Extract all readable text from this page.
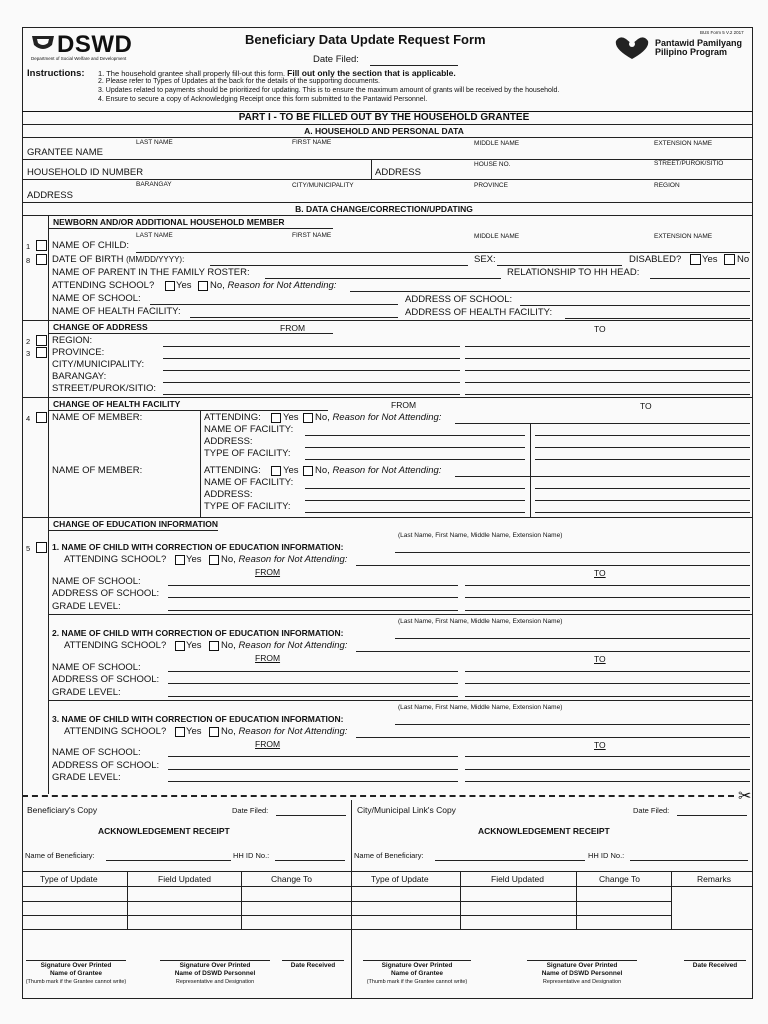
DSWD
Department of Social Welfare and Development
Beneficiary Data Update Request Form
Date Filed:
BUS Form 5 V.2 2017
Pantawid Pamilyang
Pilipino Program
Instructions: 1. The household grantee shall properly fill-out this form. Fill out only the section that is applicable.
2. Please refer to Types of Updates at the back for the details of the supporting documents.
3. Updates related to payments should be prioritized for updating. This is to ensure the maximum amount of grants will be received by the household.
4. Ensure to secure a copy of Acknowledging Receipt once this form submitted to the Pantawid Personnel.
PART I - TO BE FILLED OUT BY THE HOUSEHOLD GRANTEE
A. HOUSEHOLD AND PERSONAL DATA
LAST NAME	FIRST NAME	MIDDLE NAME	EXTENSION NAME
GRANTEE NAME
HOUSEHOLD ID NUMBER	ADDRESS
HOUSE NO.	STREET/PUROK/SITIO
BARANGAY	CITY/MUNICIPALITY	PROVINCE	REGION
ADDRESS
B. DATA CHANGE/CORRECTION/UPDATING
NEWBORN AND/OR ADDITIONAL HOUSEHOLD MEMBER
LAST NAME	FIRST NAME	MIDDLE NAME	EXTENSION NAME
1 NAME OF CHILD:
8 DATE OF BIRTH (MM/DD/YYYY):	SEX:	DISABLED? Yes No
NAME OF PARENT IN THE FAMILY ROSTER:	RELATIONSHIP TO HH HEAD:
ATTENDING SCHOOL? Yes No, Reason for Not Attending:
NAME OF SCHOOL:	ADDRESS OF SCHOOL:
NAME OF HEALTH FACILITY:	ADDRESS OF HEALTH FACILITY:
CHANGE OF ADDRESS	FROM	TO
2 REGION:
3 PROVINCE:
CITY/MUNICIPALITY:
BARANGAY:
STREET/PUROK/SITIO:
CHANGE OF HEALTH FACILITY	FROM	TO
4 NAME OF MEMBER:	ATTENDING: Yes No, Reason for Not Attending:
NAME OF FACILITY:
ADDRESS:
TYPE OF FACILITY:
NAME OF MEMBER:	ATTENDING: Yes No, Reason for Not Attending:
NAME OF FACILITY:
ADDRESS:
TYPE OF FACILITY:
CHANGE OF EDUCATION INFORMATION
(Last Name, First Name, Middle Name, Extension Name)
5	1. NAME OF CHILD WITH CORRECTION OF EDUCATION INFORMATION:
ATTENDING SCHOOL? Yes No, Reason for Not Attending:
FROM	TO
NAME OF SCHOOL:
ADDRESS OF SCHOOL:
GRADE LEVEL:
(Last Name, First Name, Middle Name, Extension Name)
2. NAME OF CHILD WITH CORRECTION OF EDUCATION INFORMATION:
ATTENDING SCHOOL? Yes No, Reason for Not Attending:
FROM	TO
NAME OF SCHOOL:
ADDRESS OF SCHOOL:
GRADE LEVEL:
(Last Name, First Name, Middle Name, Extension Name)
3. NAME OF CHILD WITH CORRECTION OF EDUCATION INFORMATION:
ATTENDING SCHOOL? Yes No, Reason for Not Attending:
FROM	TO
NAME OF SCHOOL:
ADDRESS OF SCHOOL:
GRADE LEVEL:
✂
Beneficiary's Copy	Date Filed:
ACKNOWLEDGEMENT RECEIPT
Name of Beneficiary:	HH ID No.:
Type of Update	Field Updated	Change To
Signature Over Printed
Name of Grantee
(Thumb mark if the Grantee cannot write)
Signature Over Printed
Name of DSWD Personnel
Representative and Designation
Date Received
City/Municipal Link's Copy	Date Filed:
ACKNOWLEDGEMENT RECEIPT
Name of Beneficiary:	HH ID No.:
Type of Update	Field Updated	Change To	Remarks
Signature Over Printed
Name of Grantee
(Thumb mark if the Grantee cannot write)
Signature Over Printed
Name of DSWD Personnel
Representative and Designation
Date Received
